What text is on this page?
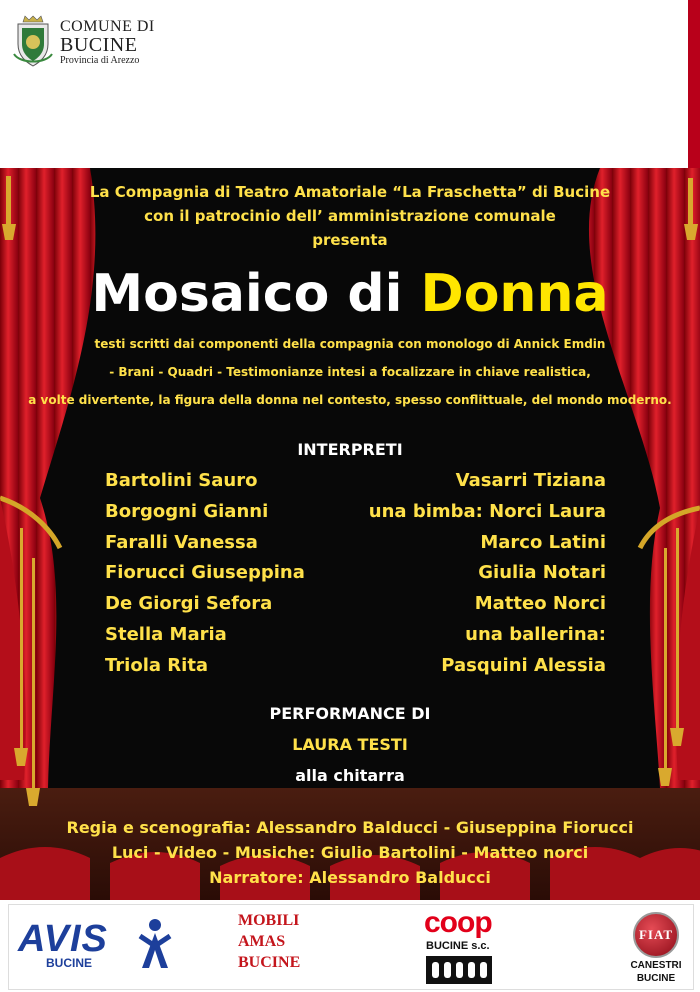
COMUNE DI
BUCINE
Provincia di Arezzo
La Compagnia di Teatro Amatoriale “La Fraschetta” di Bucine
con il patrocinio dell’ amministrazione comunale
presenta
Mosaico di Donna
testi scritti dai componenti della compagnia con monologo di Annick Emdin
- Brani - Quadri - Testimonianze intesi a focalizzare in chiave realistica,
a volte divertente, la figura della donna nel contesto, spesso conflittuale, del mondo moderno.
INTERPRETI
Bartolini Sauro
Borgogni Gianni
Faralli Vanessa
Fiorucci Giuseppina
De Giorgi Sefora
Stella Maria
Triola Rita
Vasarri Tiziana
una bimba: Norci Laura
Marco Latini
Giulia Notari
Matteo Norci
una ballerina:
Pasquini Alessia
PERFORMANCE DI
LAURA TESTI
alla chitarra
Regia e scenografia: Alessandro Balducci - Giuseppina Fiorucci
Luci - Video - Musiche: Giulio Bartolini - Matteo norci
Narratore: Alessandro Balducci
AVIS
BUCINE
MOBILI
AMAS
BUCINE
coop
BUCINE s.c.
FIAT
CANESTRI
BUCINE
